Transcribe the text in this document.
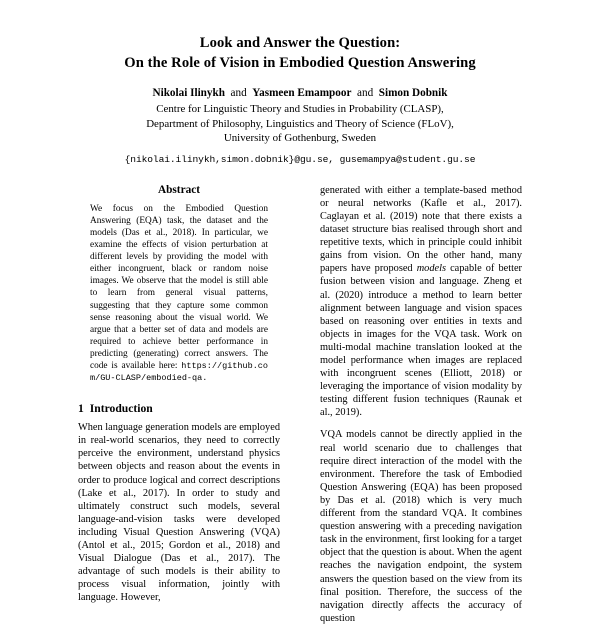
Look and Answer the Question:
On the Role of Vision in Embodied Question Answering
Nikolai Ilinykh and Yasmeen Emampoor and Simon Dobnik
Centre for Linguistic Theory and Studies in Probability (CLASP),
Department of Philosophy, Linguistics and Theory of Science (FLoV),
University of Gothenburg, Sweden
{nikolai.ilinykh,simon.dobnik}@gu.se, gusemampya@student.gu.se
Abstract
We focus on the Embodied Question Answering (EQA) task, the dataset and the models (Das et al., 2018). In particular, we examine the effects of vision perturbation at different levels by providing the model with either incongruent, black or random noise images. We observe that the model is still able to learn from general visual patterns, suggesting that they capture some common sense reasoning about the visual world. We argue that a better set of data and models are required to achieve better performance in predicting (generating) correct answers. The code is available here: https://github.com/GU-CLASP/embodied-qa.
1 Introduction

When language generation models are employed in real-world scenarios, they need to correctly perceive the environment, understand physics between objects and reason about the events in order to produce logical and correct descriptions (Lake et al., 2017). In order to study and ultimately construct such models, several language-and-vision tasks were developed including Visual Question Answering (VQA) (Antol et al., 2015; Gordon et al., 2018) and Visual Dialogue (Das et al., 2017). The advantage of such models is their ability to process visual information, jointly with language. However,

generated with either a template-based method or neural networks (Kafle et al., 2017). Caglayan et al. (2019) note that there exists a dataset structure bias realised through short and repetitive texts, which in principle could inhibit gains from vision. On the other hand, many papers have proposed models capable of better fusion between vision and language. Zheng et al. (2020) introduce a method to learn better alignment between language and vision spaces based on reasoning over entities in texts and objects in images for the VQA task. Work on multi-modal machine translation looked at the model performance when images are replaced with incongruent scenes (Elliott, 2018) or leveraging the importance of vision modality by testing different fusion techniques (Raunak et al., 2019).

VQA models cannot be directly applied in the real world scenario due to challenges that require direct interaction of the model with the environment. Therefore the task of Embodied Question Answering (EQA) has been proposed by Das et al. (2018) which is very much different from the standard VQA. It combines question answering with a preceding navigation task in the environment, first looking for a target object that the question is about. When the agent reaches the navigation endpoint, the system answers the question based on the view from its final position. Therefore, the success of the navigation directly affects the accuracy of question
